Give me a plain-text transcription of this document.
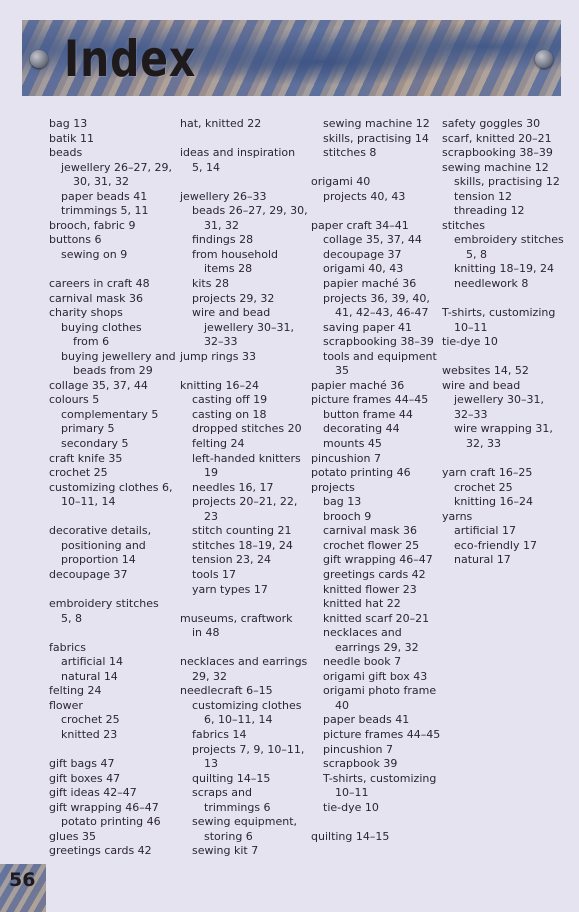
Index
bag 13
batik 11
beads
jewellery 26–27, 29,
30, 31, 32
paper beads 41
trimmings 5, 11
brooch, fabric 9
buttons 6
sewing on 9
careers in craft 48
carnival mask 36
charity shops
buying clothes
from 6
buying jewellery and
beads from 29
collage 35, 37, 44
colours 5
complementary 5
primary 5
secondary 5
craft knife 35
crochet 25
customizing clothes 6,
10–11, 14
decorative details,
positioning and
proportion 14
decoupage 37
embroidery stitches
5, 8
fabrics
artificial 14
natural 14
felting 24
flower
crochet 25
knitted 23
gift bags 47
gift boxes 47
gift ideas 42–47
gift wrapping 46–47
potato printing 46
glues 35
greetings cards 42
hat, knitted 22
ideas and inspiration
5, 14
jewellery 26–33
beads 26–27, 29, 30,
31, 32
findings 28
from household
items 28
kits 28
projects 29, 32
wire and bead
jewellery 30–31,
32–33
jump rings 33
knitting 16–24
casting off 19
casting on 18
dropped stitches 20
felting 24
left-handed knitters
19
needles 16, 17
projects 20–21, 22,
23
stitch counting 21
stitches 18–19, 24
tension 23, 24
tools 17
yarn types 17
museums, craftwork
in 48
necklaces and earrings
29, 32
needlecraft 6–15
customizing clothes
6, 10–11, 14
fabrics 14
projects 7, 9, 10–11,
13
quilting 14–15
scraps and
trimmings 6
sewing equipment,
storing 6
sewing kit 7
sewing machine 12
skills, practising 14
stitches 8
origami 40
projects 40, 43
paper craft 34–41
collage 35, 37, 44
decoupage 37
origami 40, 43
papier maché 36
projects 36, 39, 40,
41, 42–43, 46-47
saving paper 41
scrapbooking 38–39
tools and equipment
35
papier maché 36
picture frames 44–45
button frame 44
decorating 44
mounts 45
pincushion 7
potato printing 46
projects
bag 13
brooch 9
carnival mask 36
crochet flower 25
gift wrapping 46–47
greetings cards 42
knitted flower 23
knitted hat 22
knitted scarf 20–21
necklaces and
earrings 29, 32
needle book 7
origami gift box 43
origami photo frame
40
paper beads 41
picture frames 44–45
pincushion 7
scrapbook 39
T-shirts, customizing
10–11
tie-dye 10
quilting 14–15
safety goggles 30
scarf, knitted 20–21
scrapbooking 38–39
sewing machine 12
skills, practising 12
tension 12
threading 12
stitches
embroidery stitches
5, 8
knitting 18–19, 24
needlework 8
T-shirts, customizing
10–11
tie-dye 10
websites 14, 52
wire and bead
jewellery 30–31,
32–33
wire wrapping 31,
32, 33
yarn craft 16–25
crochet 25
knitting 16–24
yarns
artificial 17
eco-friendly 17
natural 17
56
